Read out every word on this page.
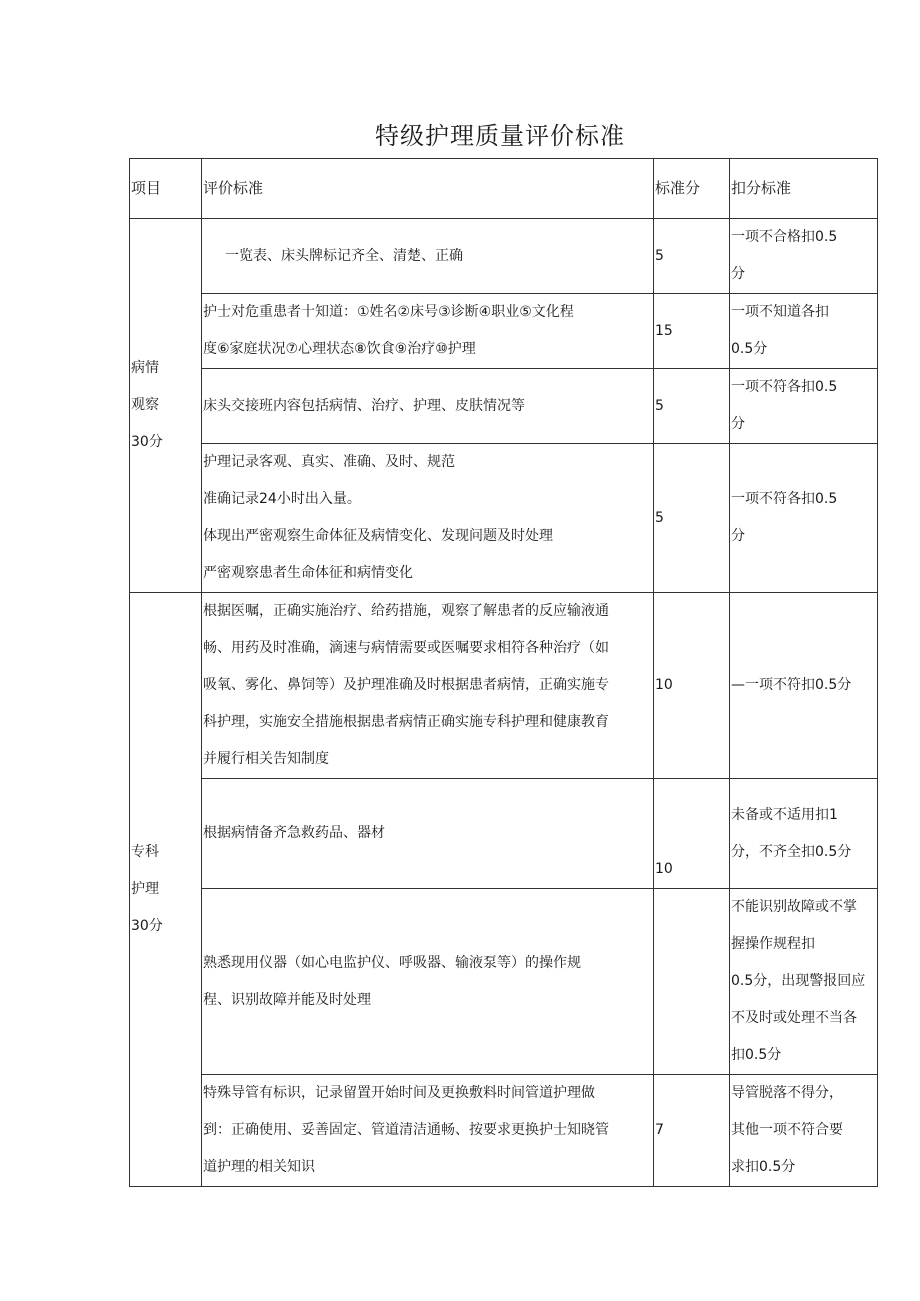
特级护理质量评价标准
项目	评价标准	标准分	扣分标准
病情
观察
30分	一览表、床头牌标记齐全、清楚、正确	5	一项不合格扣0.5
分
	护士对危重患者十知道：①姓名②床号③诊断④职业⑤文化程
度⑥家庭状况⑦心理状态⑧饮食⑨治疗⑩护理	15	一项不知道各扣
0.5分
	床头交接班内容包括病情、治疗、护理、皮肤情况等	5	一项不符各扣0.5
分
	护理记录客观、真实、准确、及时、规范
准确记录24小时出入量。
体现出严密观察生命体征及病情变化、发现问题及时处理
严密观察患者生命体征和病情变化	5	一项不符各扣0.5
分
专科
护理
30分	根据医嘱，正确实施治疗、给药措施，观察了解患者的反应输液通
畅、用药及时准确，滴速与病情需要或医嘱要求相符各种治疗（如
吸氧、雾化、鼻饲等）及护理准确及时根据患者病情，正确实施专
科护理，实施安全措施根据患者病情正确实施专科护理和健康教育
并履行相关告知制度	10	—一项不符扣0.5分
	根据病情备齐急救药品、器材	10	未备或不适用扣1
分，不齐全扣0.5分
	熟悉现用仪器（如心电监护仪、呼吸器、输液泵等）的操作规
程、识别故障并能及时处理		不能识别故障或不掌
握操作规程扣
0.5分，出现警报回应
不及时或处理不当各
扣0.5分
	特殊导管有标识，记录留置开始时间及更换敷料时间管道护理做
到：正确使用、妥善固定、管道清洁通畅、按要求更换护士知晓管
道护理的相关知识	7	导管脱落不得分，
其他一项不符合要
求扣0.5分
